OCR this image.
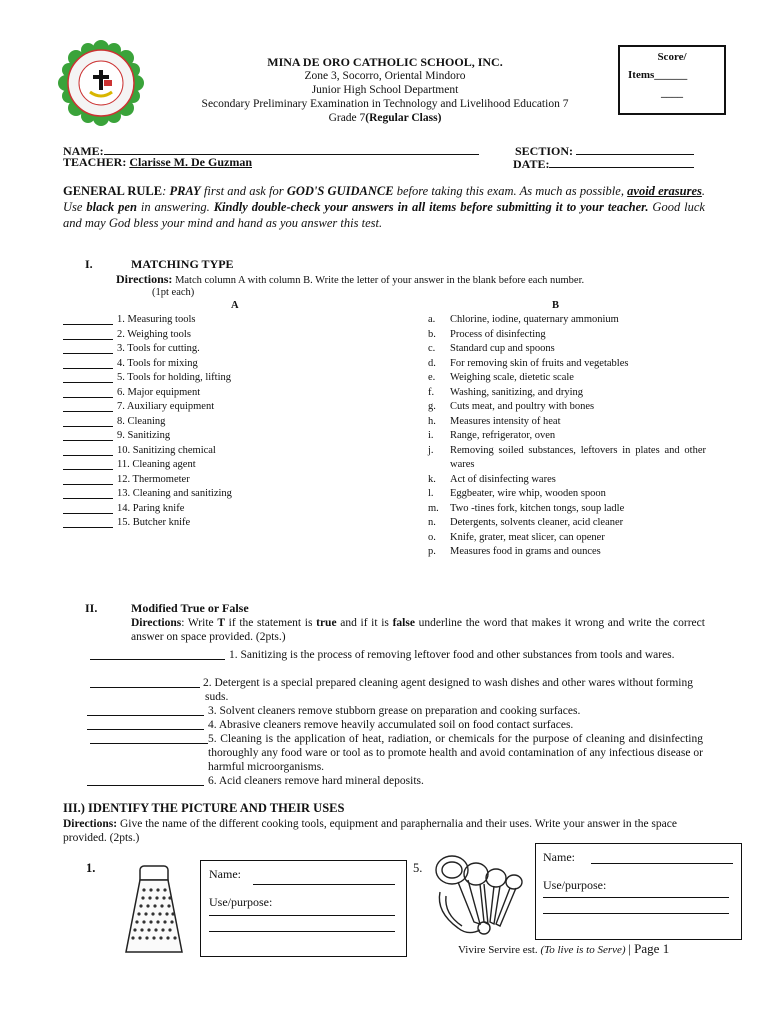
MINA DE ORO CATHOLIC SCHOOL, INC.
Zone 3, Socorro, Oriental Mindoro
Junior High School Department
Secondary Preliminary Examination in Technology and Livelihood Education 7
Grade 7(Regular Class)
Score/
Items______
____
NAME:	SECTION:
TEACHER: Clarisse M. De Guzman	DATE:
GENERAL RULE: PRAY first and ask for GOD'S GUIDANCE before taking this exam. As much as possible, avoid erasures. Use black pen in answering. Kindly double-check your answers in all items before submitting it to your teacher. Good luck and may God bless your mind and hand as you answer this test.
I.	MATCHING TYPE
Directions: Match column A with column B. Write the letter of your answer in the blank before each number.
(1pt each)
A	B
1. Measuring tools
2. Weighing tools
3. Tools for cutting.
4. Tools for mixing
5. Tools for holding, lifting
6. Major equipment
7. Auxiliary equipment
8. Cleaning
9. Sanitizing
10. Sanitizing chemical
11. Cleaning agent
12. Thermometer
13. Cleaning and sanitizing
14. Paring knife
15. Butcher knife
a.	Chlorine, iodine, quaternary ammonium
b.	Process of disinfecting
c.	Standard cup and spoons
d.	For removing skin of fruits and vegetables
e.	Weighing scale, dietetic scale
f.	Washing, sanitizing, and drying
g.	Cuts meat, and poultry with bones
h.	Measures intensity of heat
i.	Range, refrigerator, oven
j.	Removing soiled substances, leftovers in plates and other wares
k.	Act of disinfecting wares
l.	Eggbeater, wire whip, wooden spoon
m.	Two -tines fork, kitchen tongs, soup ladle
n.	Detergents, solvents cleaner, acid cleaner
o.	Knife, grater, meat slicer, can opener
p.	Measures food in grams and ounces
II.	Modified True or False
Directions: Write T if the statement is true and if it is false underline the word that makes it wrong and write the correct answer on space provided. (2pts.)
1. Sanitizing is the process of removing leftover food and other substances from tools and wares.
2. Detergent is a special prepared cleaning agent designed to wash dishes and other wares without forming suds.
3. Solvent cleaners remove stubborn grease on preparation and cooking surfaces.
4. Abrasive cleaners remove heavily accumulated soil on food contact surfaces.
5. Cleaning is the application of heat, radiation, or chemicals for the purpose of cleaning and disinfecting thoroughly any food ware or tool as to promote health and avoid contamination of any infectious disease or harmful microorganisms.
6. Acid cleaners remove hard mineral deposits.
III.) IDENTIFY THE PICTURE AND THEIR USES
Directions: Give the name of the different cooking tools, equipment and paraphernalia and their uses. Write your answer in the space provided. (2pts.)
1.	Name:
Use/purpose:
5.
Name:
Use/purpose:
Vivire Servire est. (To live is to Serve) | Page 1
